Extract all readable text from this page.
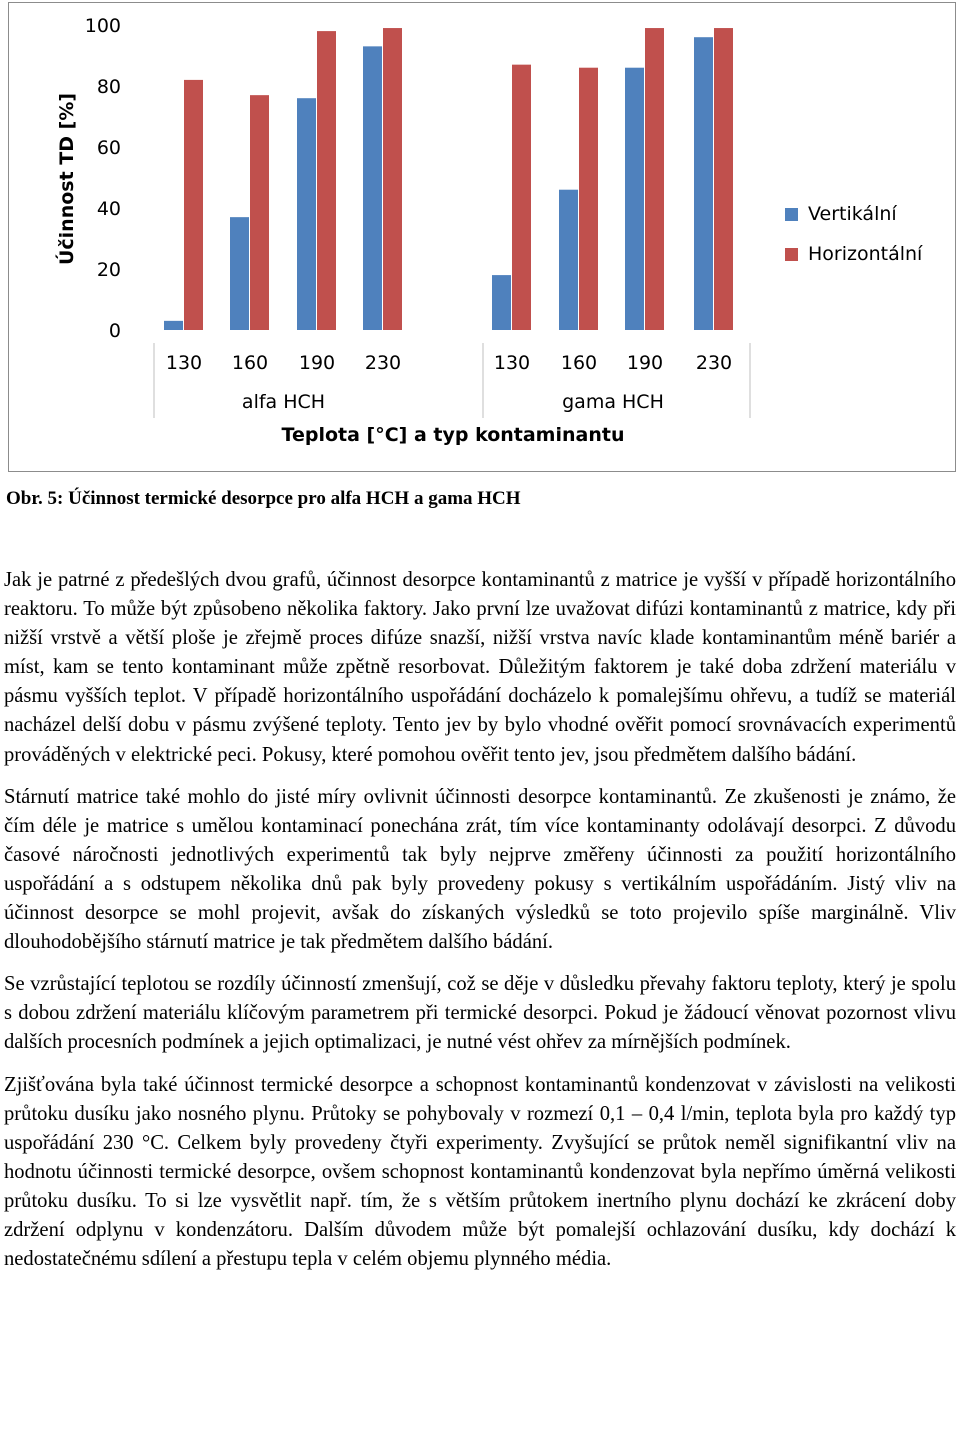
0
20
40
60
80
100
Účinnost TD [%]
130 160 190 230
alfa HCH
130 160 190 230
gama HCH
Teplota [°C] a typ kontaminantu
Vertikální
Horizontální
Obr. 5: Účinnost termické desorpce pro alfa HCH a gama HCH

Jak je patrné z předešlých dvou grafů, účinnost desorpce kontaminantů z matrice je vyšší v případě horizontálního reaktoru. To může být způsobeno několika faktory. Jako první lze uvažovat difúzi kontaminantů z matrice, kdy při nižší vrstvě a větší ploše je zřejmě proces difúze snazší, nižší vrstva navíc klade kontaminantům méně bariér a míst, kam se tento kontaminant může zpětně resorbovat. Důležitým faktorem je také doba zdržení materiálu v pásmu vyšších teplot. V případě horizontálního uspořádání docházelo k pomalejšímu ohřevu, a tudíž se materiál nacházel delší dobu v pásmu zvýšené teploty. Tento jev by bylo vhodné ověřit pomocí srovnávacích experimentů prováděných v elektrické peci. Pokusy, které pomohou ověřit tento jev, jsou předmětem dalšího bádání.

Stárnutí matrice také mohlo do jisté míry ovlivnit účinnosti desorpce kontaminantů. Ze zkušenosti je známo, že čím déle je matrice s umělou kontaminací ponechána zrát, tím více kontaminanty odolávají desorpci. Z důvodu časové náročnosti jednotlivých experimentů tak byly nejprve změřeny účinnosti za použití horizontálního uspořádání a s odstupem několika dnů pak byly provedeny pokusy s vertikálním uspořádáním. Jistý vliv na účinnost desorpce se mohl projevit, avšak do získaných výsledků se toto projevilo spíše marginálně. Vliv dlouhodobějšího stárnutí matrice je tak předmětem dalšího bádání.

Se vzrůstající teplotou se rozdíly účinností zmenšují, což se děje v důsledku převahy faktoru teploty, který je spolu s dobou zdržení materiálu klíčovým parametrem při termické desorpci. Pokud je žádoucí věnovat pozornost vlivu dalších procesních podmínek a jejich optimalizaci, je nutné vést ohřev za mírnějších podmínek.

Zjišťována byla také účinnost termické desorpce a schopnost kontaminantů kondenzovat v závislosti na velikosti průtoku dusíku jako nosného plynu. Průtoky se pohybovaly v rozmezí 0,1 – 0,4 l/min, teplota byla pro každý typ uspořádání 230 °C. Celkem byly provedeny čtyři experimenty. Zvyšující se průtok neměl signifikantní vliv na hodnotu účinnosti termické desorpce, ovšem schopnost kontaminantů kondenzovat byla nepřímo úměrná velikosti průtoku dusíku. To si lze vysvětlit např. tím, že s větším průtokem inertního plynu dochází ke zkrácení doby zdržení odplynu v kondenzátoru. Dalším důvodem může být pomalejší ochlazování dusíku, kdy dochází k nedostatečnému sdílení a přestupu tepla v celém objemu plynného média.
